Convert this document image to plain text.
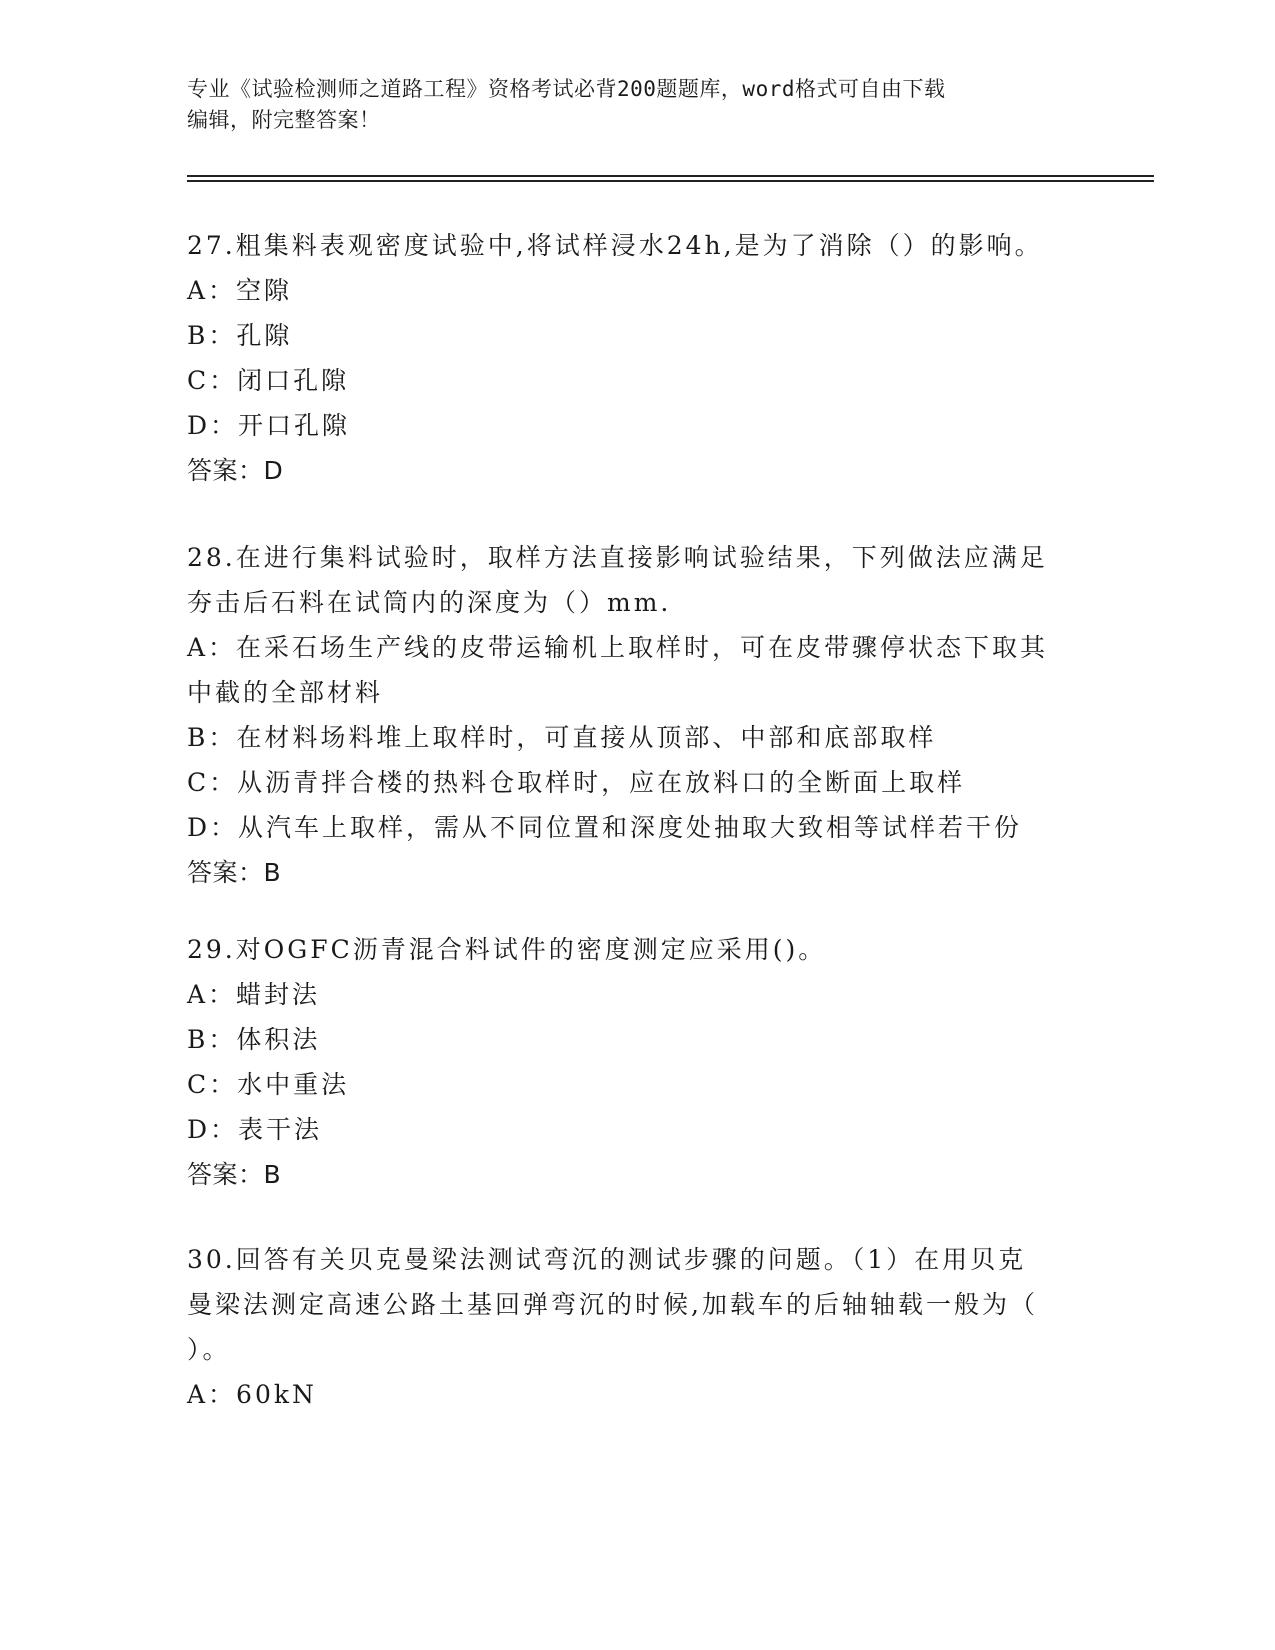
专业《试验检测师之道路工程》资格考试必背200题题库，word格式可自由下载
编辑，附完整答案！
27.粗集料表观密度试验中,将试样浸水24h,是为了消除（）的影响。
A：空隙
B：孔隙
C：闭口孔隙
D：开口孔隙
答案：D
28.在进行集料试验时，取样方法直接影响试验结果，下列做法应满足
夯击后石料在试筒内的深度为（）mm.
A：在采石场生产线的皮带运输机上取样时，可在皮带骤停状态下取其
中截的全部材料
B：在材料场料堆上取样时，可直接从顶部、中部和底部取样
C：从沥青拌合楼的热料仓取样时，应在放料口的全断面上取样
D：从汽车上取样，需从不同位置和深度处抽取大致相等试样若干份
答案：B
29.对OGFC沥青混合料试件的密度测定应采用()。
A：蜡封法
B：体积法
C：水中重法
D：表干法
答案：B
30.回答有关贝克曼梁法测试弯沉的测试步骤的问题。（1）在用贝克
曼梁法测定高速公路土基回弹弯沉的时候,加载车的后轴轴载一般为（
）。
A：60kN
